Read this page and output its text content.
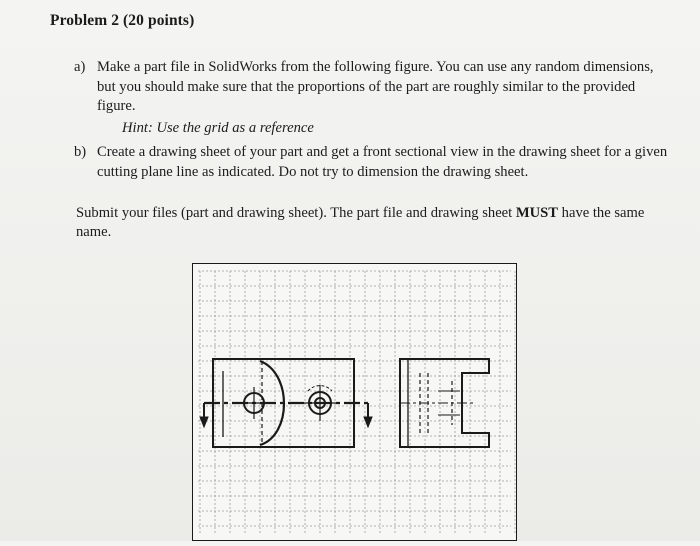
Problem 2 (20 points)
a) Make a part file in SolidWorks from the following figure. You can use any random dimensions, but you should make sure that the proportions of the part are roughly similar to the provided figure.
Hint: Use the grid as a reference
b) Create a drawing sheet of your part and get a front sectional view in the drawing sheet for a given cutting plane line as indicated. Do not try to dimension the drawing sheet.
Submit your files (part and drawing sheet). The part file and drawing sheet MUST have the same name.
